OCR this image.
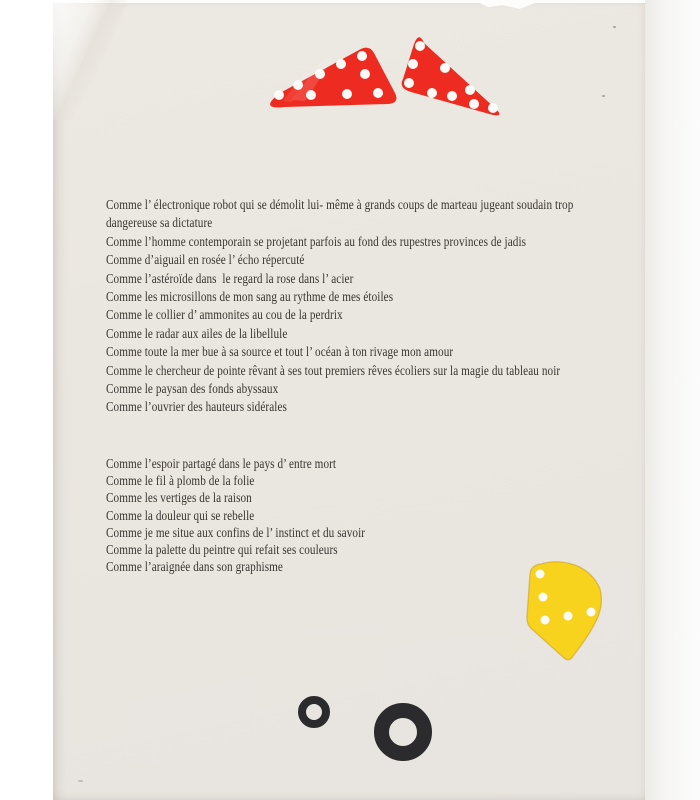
Comme l’ électronique robot qui se démolit lui- même à grands coups de marteau jugeant soudain trop
dangereuse sa dictature
Comme l’homme contemporain se projetant parfois au fond des rupestres provinces de jadis
Comme d’aiguail en rosée l’ écho répercuté
Comme l’astéroïde dans  le regard la rose dans l’ acier
Comme les microsillons de mon sang au rythme de mes étoiles
Comme le collier d’ ammonites au cou de la perdrix
Comme le radar aux ailes de la libellule
Comme toute la mer bue à sa source et tout l’ océan à ton rivage mon amour
Comme le chercheur de pointe rêvant à ses tout premiers rêves écoliers sur la magie du tableau noir
Comme le paysan des fonds abyssaux
Comme l’ouvrier des hauteurs sidérales
Comme l’espoir partagé dans le pays d’ entre mort
Comme le fil à plomb de la folie
Comme les vertiges de la raison
Comme la douleur qui se rebelle
Comme je me situe aux confins de l’ instinct et du savoir
Comme la palette du peintre qui refait ses couleurs
Comme l’araignée dans son graphisme
